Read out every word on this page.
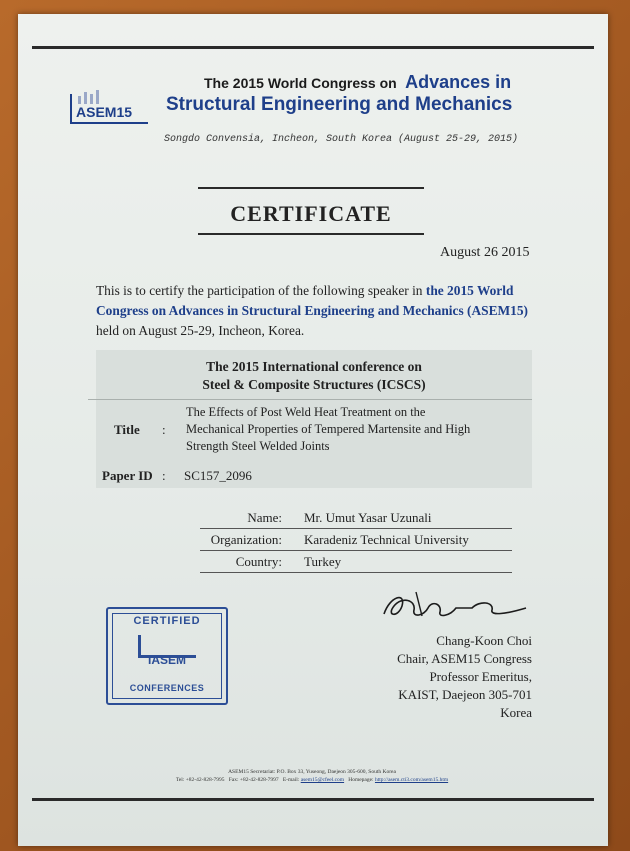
ASEM15
The 2015 World Congress on Advances in
Structural Engineering and Mechanics
Songdo Convensia, Incheon, South Korea (August 25-29, 2015)
CERTIFICATE
August 26 2015
This is to certify the participation of the following speaker in the 2015 World Congress on Advances in Structural Engineering and Mechanics (ASEM15) held on August 25-29, Incheon, Korea.
The 2015 International conference on
Steel & Composite Structures (ICSCS)
Title :
The Effects of Post Weld Heat Treatment on the
Mechanical Properties of Tempered Martensite and High
Strength Steel Welded Joints
Paper ID : SC157_2096
Name: Mr. Umut Yasar Uzunali
Organization: Karadeniz Technical University
Country: Turkey
CERTIFIED
IASEM
CONFERENCES
Chang-Koon Choi
Chair, ASEM15 Congress
Professor Emeritus,
KAIST, Daejeon 305-701
Korea
ASEM15 Secretariat: P.O. Box 33, Yuseong, Daejeon 305-600, South Korea
Tel: +82-42-828-7995 Fax: +82-42-828-7997 E-mail: asem15@cfeel.com Homepage: http://asem.cti3.com/asem15.htm
